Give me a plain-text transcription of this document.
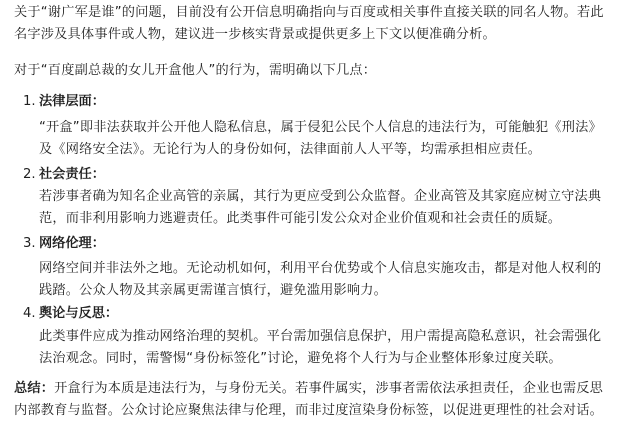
关于“谢广军是谁”的问题，目前没有公开信息明确指向与百度或相关事件直接关联的同名人物。若此名字涉及具体事件或人物，建议进一步核实背景或提供更多上下文以便准确分析。

对于“百度副总裁的女儿开盒他人”的行为，需明确以下几点：

1. 法律层面：

“开盒”即非法获取并公开他人隐私信息，属于侵犯公民个人信息的违法行为，可能触犯《刑法》及《网络安全法》。无论行为人的身份如何，法律面前人人平等，均需承担相应责任。

2. 社会责任：

若涉事者确为知名企业高管的亲属，其行为更应受到公众监督。企业高管及其家庭应树立守法典范，而非利用影响力逃避责任。此类事件可能引发公众对企业价值观和社会责任的质疑。

3. 网络伦理：

网络空间并非法外之地。无论动机如何，利用平台优势或个人信息实施攻击，都是对他人权利的践踏。公众人物及其亲属更需谨言慎行，避免滥用影响力。

4. 舆论与反思：

此类事件应成为推动网络治理的契机。平台需加强信息保护，用户需提高隐私意识，社会需强化法治观念。同时，需警惕“身份标签化”讨论，避免将个人行为与企业整体形象过度关联。

总结：开盒行为本质是违法行为，与身份无关。若事件属实，涉事者需依法承担责任，企业也需反思内部教育与监督。公众讨论应聚焦法律与伦理，而非过度渲染身份标签，以促进更理性的社会对话。
